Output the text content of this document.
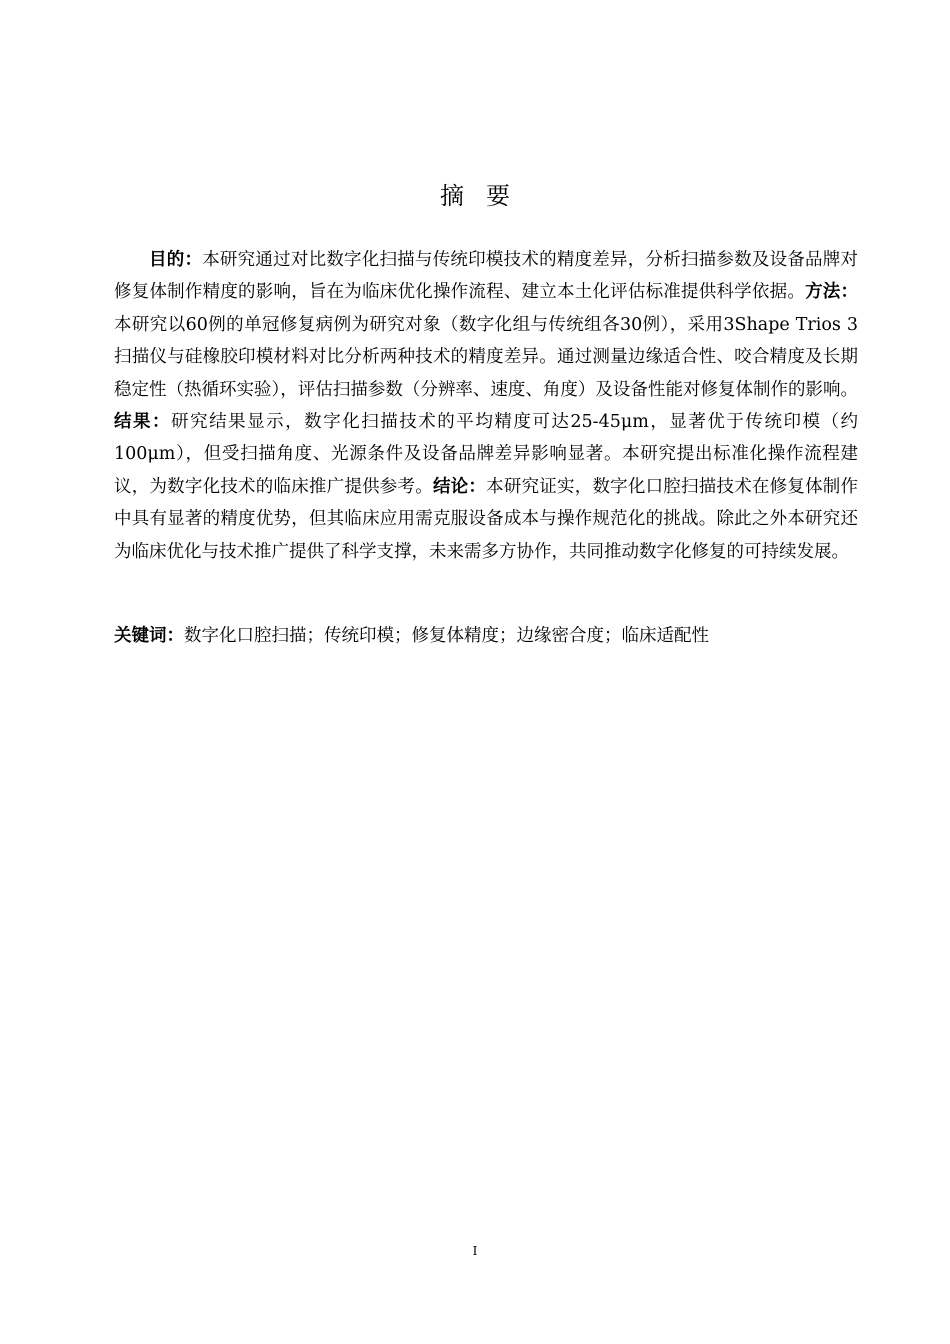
摘要

目的：本研究通过对比数字化扫描与传统印模技术的精度差异，分析扫描参数及设备品牌对修复体制作精度的影响，旨在为临床优化操作流程、建立本土化评估标准提供科学依据。方法：本研究以60例的单冠修复病例为研究对象（数字化组与传统组各30例），采用3Shape Trios 3扫描仪与硅橡胶印模材料对比分析两种技术的精度差异。通过测量边缘适合性、咬合精度及长期稳定性（热循环实验），评估扫描参数（分辨率、速度、角度）及设备性能对修复体制作的影响。结果：研究结果显示，数字化扫描技术的平均精度可达25-45μm，显著优于传统印模（约100μm），但受扫描角度、光源条件及设备品牌差异影响显著。本研究提出标准化操作流程建议，为数字化技术的临床推广提供参考。结论：本研究证实，数字化口腔扫描技术在修复体制作中具有显著的精度优势，但其临床应用需克服设备成本与操作规范化的挑战。除此之外本研究还为临床优化与技术推广提供了科学支撑，未来需多方协作，共同推动数字化修复的可持续发展。

关键词：数字化口腔扫描；传统印模；修复体精度；边缘密合度；临床适配性

I
